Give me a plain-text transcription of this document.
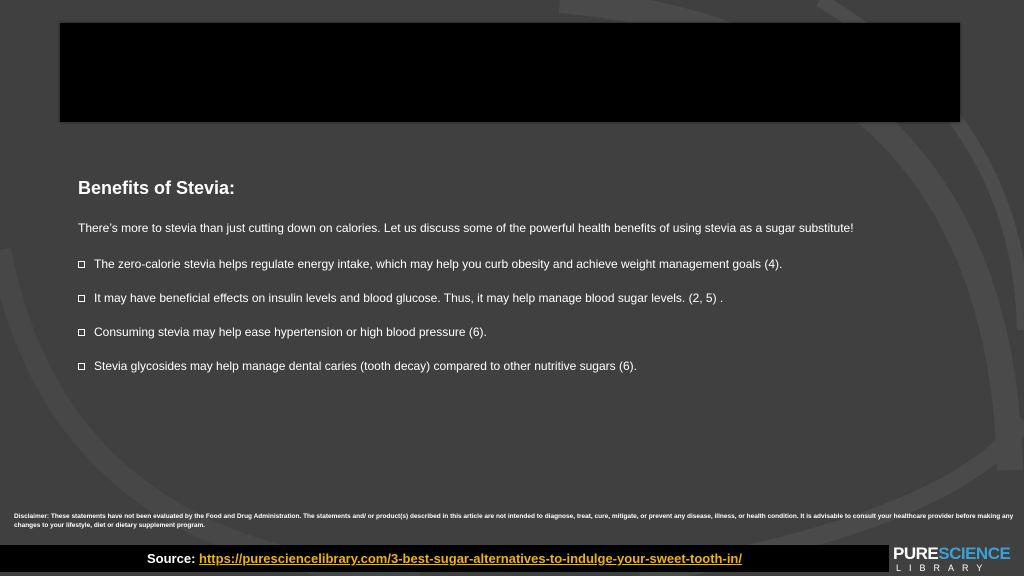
Benefits of Stevia:
There’s more to stevia than just cutting down on calories. Let us discuss some of the powerful health benefits of using stevia as a sugar substitute!
The zero-calorie stevia helps regulate energy intake, which may help you curb obesity and achieve weight management goals (4).
It may have beneficial effects on insulin levels and blood glucose. Thus, it may help manage blood sugar levels. (2, 5) .
Consuming stevia may help ease hypertension or high blood pressure (6).
Stevia glycosides may help manage dental caries (tooth decay) compared to other nutritive sugars (6).
Disclaimer: These statements have not been evaluated by the Food and Drug Administration. The statements and/ or product(s) described in this article are not intended to diagnose, treat, cure, mitigate, or prevent any disease, illness, or health condition. It is advisable to consult your healthcare provider before making any changes to your lifestyle, diet or dietary supplement program.
Source: https://puresciencelibrary.com/3-best-sugar-alternatives-to-indulge-your-sweet-tooth-in/	PURESCIENCE
LIBRARY
